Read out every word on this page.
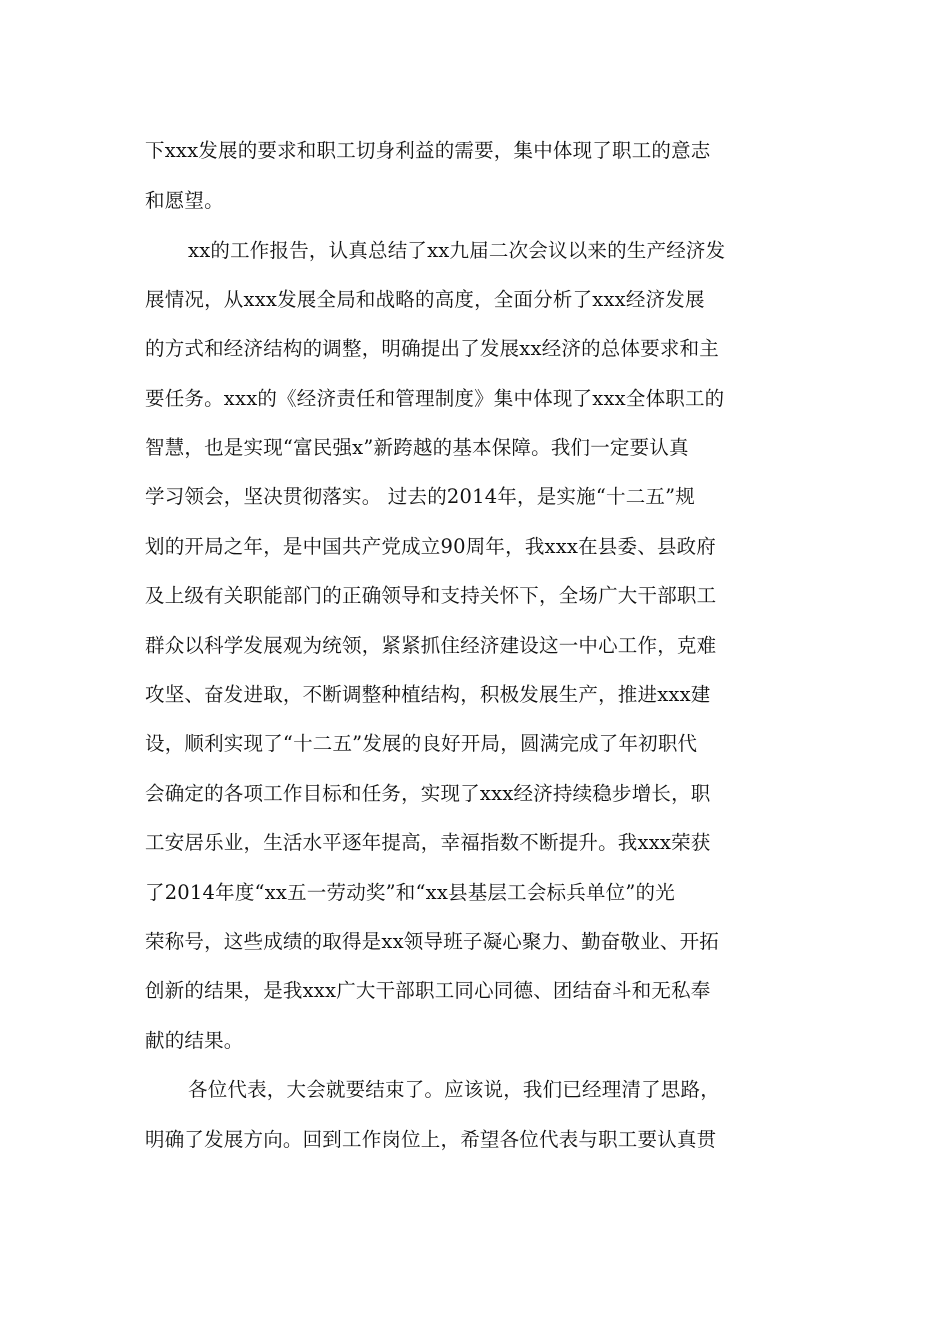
下xxx发展的要求和职工切身利益的需要，集中体现了职工的意志
和愿望。
xx的工作报告，认真总结了xx九届二次会议以来的生产经济发
展情况，从xxx发展全局和战略的高度，全面分析了xxx经济发展
的方式和经济结构的调整，明确提出了发展xx经济的总体要求和主
要任务。xxx的《经济责任和管理制度》集中体现了xxx全体职工的
智慧，也是实现“富民强x”新跨越的基本保障。我们一定要认真
学习领会，坚决贯彻落实。 过去的2014年，是实施“十二五”规
划的开局之年，是中国共产党成立90周年，我xxx在县委、县政府
及上级有关职能部门的正确领导和支持关怀下，全场广大干部职工
群众以科学发展观为统领，紧紧抓住经济建设这一中心工作，克难
攻坚、奋发进取，不断调整种植结构，积极发展生产，推进xxx建
设，顺利实现了“十二五”发展的良好开局，圆满完成了年初职代
会确定的各项工作目标和任务，实现了xxx经济持续稳步增长，职
工安居乐业，生活水平逐年提高，幸福指数不断提升。我xxx荣获
了2014年度“xx五一劳动奖”和“xx县基层工会标兵单位”的光
荣称号，这些成绩的取得是xx领导班子凝心聚力、勤奋敬业、开拓
创新的结果，是我xxx广大干部职工同心同德、团结奋斗和无私奉
献的结果。
各位代表，大会就要结束了。应该说，我们已经理清了思路，
明确了发展方向。回到工作岗位上，希望各位代表与职工要认真贯
